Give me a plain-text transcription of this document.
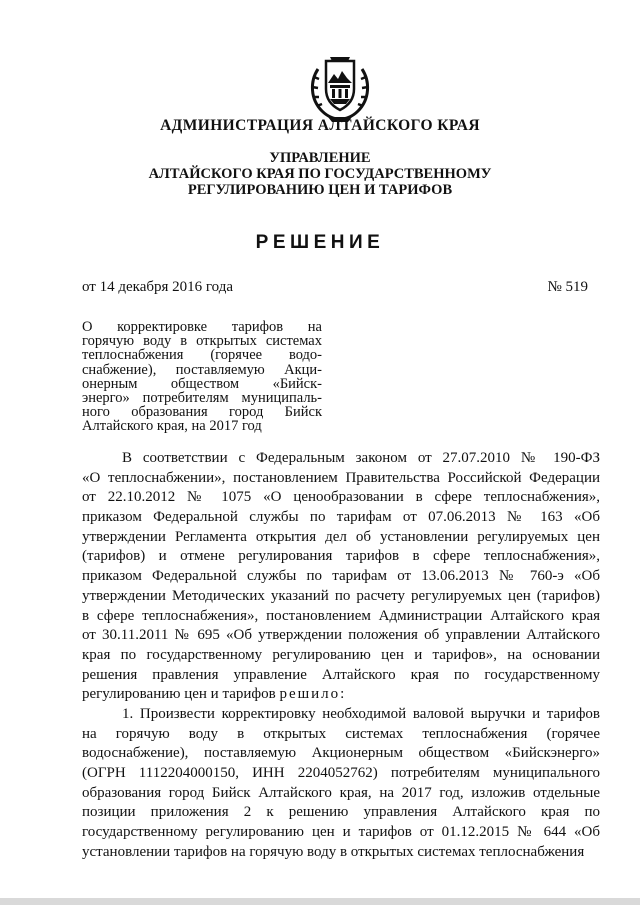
АДМИНИСТРАЦИЯ АЛТАЙСКОГО КРАЯ
УПРАВЛЕНИЕ
АЛТАЙСКОГО КРАЯ ПО ГОСУДАРСТВЕННОМУ
РЕГУЛИРОВАНИЮ ЦЕН И ТАРИФОВ
РЕШЕНИЕ
от 14 декабря 2016 года	№ 519
О корректировке тарифов на
горячую воду в открытых системах
теплоснабжения (горячее водо-
снабжение), поставляемую Акци-
онерным обществом «Бийск-
энерго» потребителям муниципаль-
ного образования город Бийск
Алтайского края, на 2017 год
В соответствии с Федеральным законом от 27.07.2010 № 190-ФЗ
«О теплоснабжении», постановлением Правительства Российской Федерации
от 22.10.2012 № 1075 «О ценообразовании в сфере теплоснабжения»,
приказом Федеральной службы по тарифам от 07.06.2013 № 163 «Об
утверждении Регламента открытия дел об установлении регулируемых цен
(тарифов) и отмене регулирования тарифов в сфере теплоснабжения»,
приказом Федеральной службы по тарифам от 13.06.2013 № 760-э «Об
утверждении Методических указаний по расчету регулируемых цен (тарифов)
в сфере теплоснабжения», постановлением Администрации Алтайского края
от 30.11.2011 № 695 «Об утверждении положения об управлении Алтайского
края по государственному регулированию цен и тарифов», на основании
решения правления управление Алтайского края по государственному
регулированию цен и тарифов решило:
1. Произвести корректировку необходимой валовой выручки и тарифов
на горячую воду в открытых системах теплоснабжения (горячее
водоснабжение), поставляемую Акционерным обществом «Бийскэнерго»
(ОГРН 1112204000150, ИНН 2204052762) потребителям муниципального
образования город Бийск Алтайского края, на 2017 год, изложив отдельные
позиции приложения 2 к решению управления Алтайского края по
государственному регулированию цен и тарифов от 01.12.2015 № 644 «Об
установлении тарифов на горячую воду в открытых системах теплоснабжения
